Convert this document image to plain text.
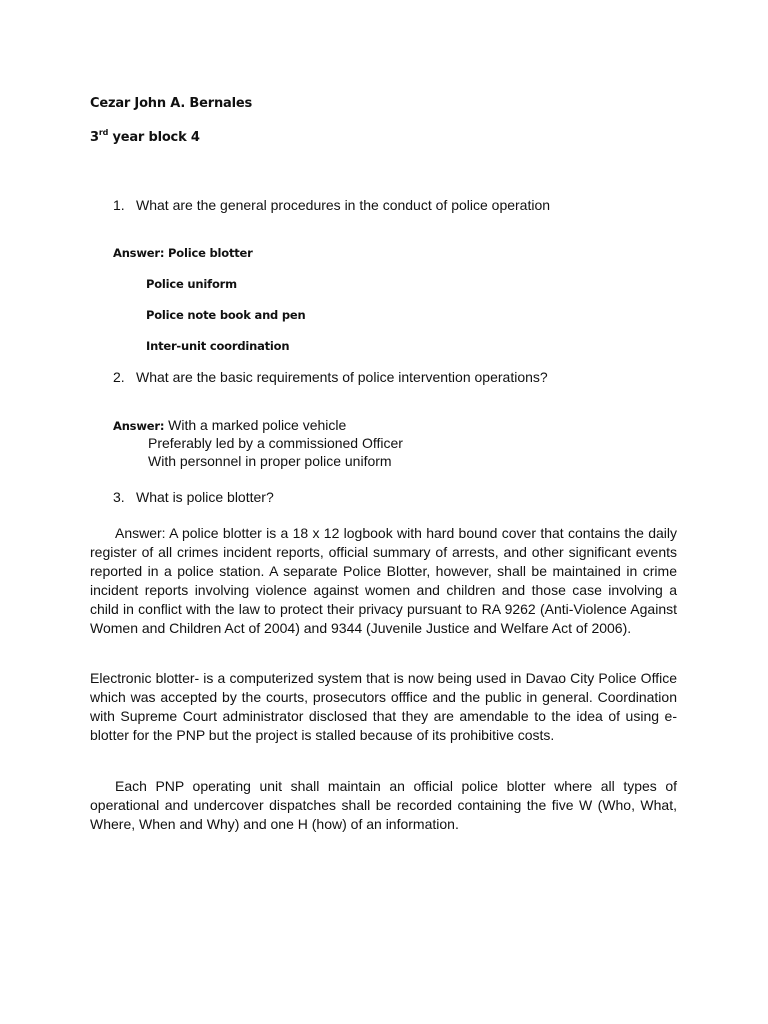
Cezar John A. Bernales
3rd year block 4
1. What are the general procedures in the conduct of police operation
Answer: Police blotter
Police uniform
Police note book and pen
Inter-unit coordination
2. What are the basic requirements of police intervention operations?
Answer: With a marked police vehicle
Preferably led by a commissioned Officer
With personnel in proper police uniform
3. What is police blotter?

Answer: A police blotter is a 18 x 12 logbook with hard bound cover that contains the daily register of all crimes incident reports, official summary of arrests, and other significant events reported in a police station. A separate Police Blotter, however, shall be maintained in crime incident reports involving violence against women and children and those case involving a child in conflict with the law to protect their privacy pursuant to RA 9262 (Anti-Violence Against Women and Children Act of 2004) and 9344 (Juvenile Justice and Welfare Act of 2006).

Electronic blotter- is a computerized system that is now being used in Davao City Police Office which was accepted by the courts, prosecutors offfice and the public in general. Coordination with Supreme Court administrator disclosed that they are amendable to the idea of using e-blotter for the PNP but the project is stalled because of its prohibitive costs.

Each PNP operating unit shall maintain an official police blotter where all types of operational and undercover dispatches shall be recorded containing the five W (Who, What, Where, When and Why) and one H (how) of an information.
